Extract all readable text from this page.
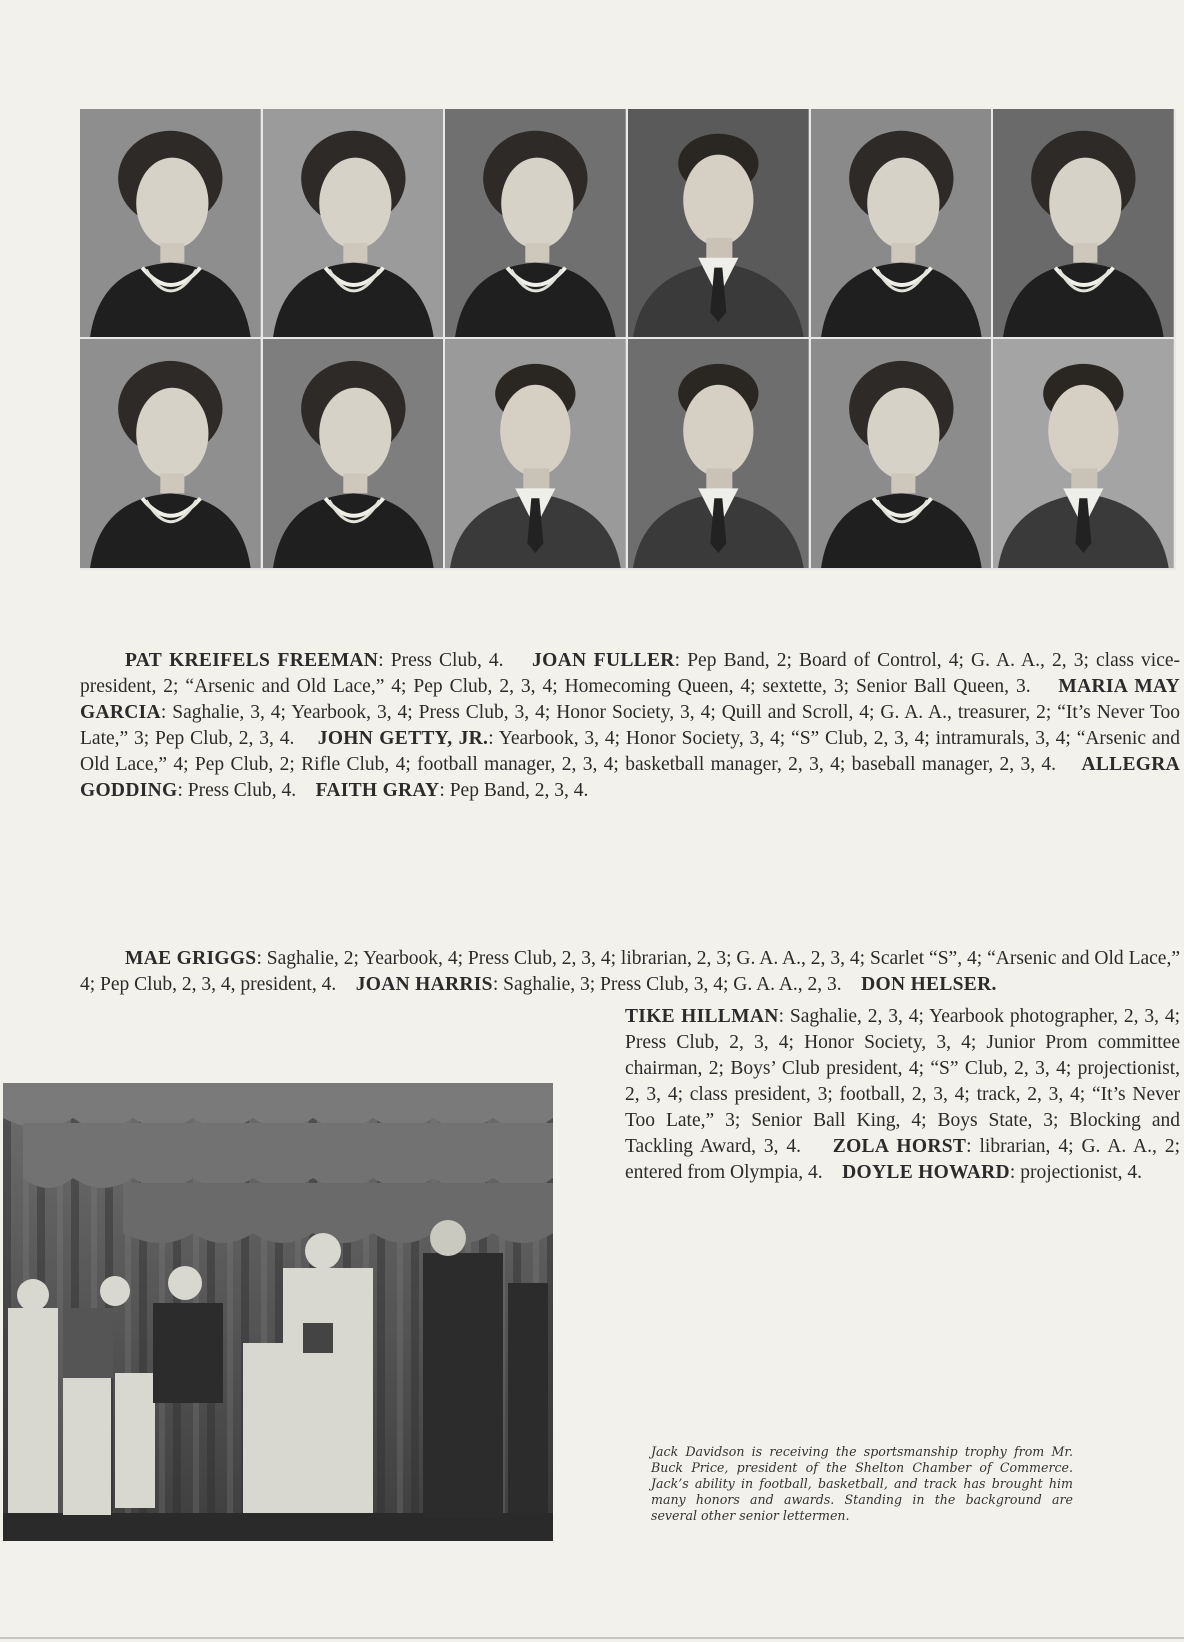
PAT KREIFELS FREEMAN: Press Club, 4. JOAN FULLER: Pep Band, 2; Board of Control, 4; G. A. A., 2, 3; class vice-president, 2; “Arsenic and Old Lace,” 4; Pep Club, 2, 3, 4; Homecoming Queen, 4; sextette, 3; Senior Ball Queen, 3. MARIA MAY GARCIA: Saghalie, 3, 4; Yearbook, 3, 4; Press Club, 3, 4; Honor Society, 3, 4; Quill and Scroll, 4; G. A. A., treasurer, 2; “It’s Never Too Late,” 3; Pep Club, 2, 3, 4. JOHN GETTY, JR.: Yearbook, 3, 4; Honor Society, 3, 4; “S” Club, 2, 3, 4; intramurals, 3, 4; “Arsenic and Old Lace,” 4; Pep Club, 2; Rifle Club, 4; football manager, 2, 3, 4; basketball manager, 2, 3, 4; baseball manager, 2, 3, 4. ALLEGRA GODDING: Press Club, 4. FAITH GRAY: Pep Band, 2, 3, 4.

MAE GRIGGS: Saghalie, 2; Yearbook, 4; Press Club, 2, 3, 4; librarian, 2, 3; G. A. A., 2, 3, 4; Scarlet “S”, 4; “Arsenic and Old Lace,” 4; Pep Club, 2, 3, 4, president, 4. JOAN HARRIS: Saghalie, 3; Press Club, 3, 4; G. A. A., 2, 3. DON HELSER.

TIKE HILLMAN: Saghalie, 2, 3, 4; Yearbook photographer, 2, 3, 4; Press Club, 2, 3, 4; Honor Society, 3, 4; Junior Prom committee chairman, 2; Boys’ Club president, 4; “S” Club, 2, 3, 4; projectionist, 2, 3, 4; class president, 3; football, 2, 3, 4; track, 2, 3, 4; “It’s Never Too Late,” 3; Senior Ball King, 4; Boys State, 3; Blocking and Tackling Award, 3, 4. ZOLA HORST: librarian, 4; G. A. A., 2; entered from Olympia, 4. DOYLE HOWARD: projectionist, 4.

Jack Davidson is receiving the sportsmanship trophy from Mr. Buck Price, president of the Shelton Chamber of Commerce. Jack’s ability in football, basketball, and track has brought him many honors and awards. Standing in the background are several other senior lettermen.
